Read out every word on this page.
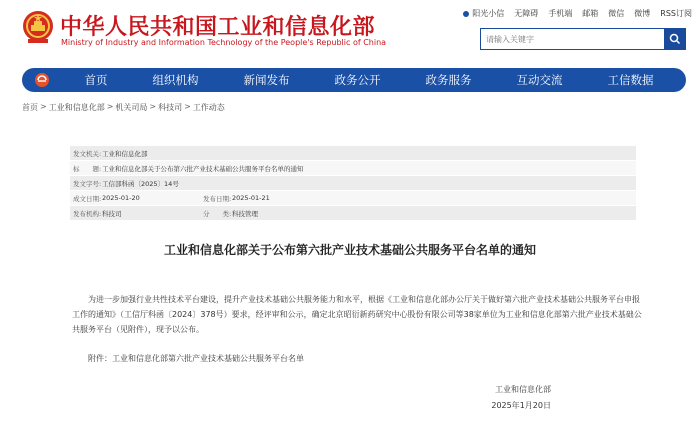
中华人民共和国工业和信息化部
Ministry of Industry and Information Technology of the People's Republic of China
阳光小信 无障碍 手机端 邮箱 微信 微博 RSS订阅
请输入关键字
首页	组织机构	新闻发布	政务公开	政务服务	互动交流	工信数据
首页 > 工业和信息化部 > 机关司局 > 科技司 > 工作动态
发文机关: 工业和信息化部
标　　题: 工业和信息化部关于公布第六批产业技术基础公共服务平台名单的通知
发文字号: 工信部科函〔2025〕14号
成文日期: 2025-01-20	发布日期: 2025-01-21
发布机构: 科技司	分　　类: 科技管理
工业和信息化部关于公布第六批产业技术基础公共服务平台名单的通知
为进一步加强行业共性技术平台建设，提升产业技术基础公共服务能力和水平，根据《工业和信息化部办公厅关于做好第六批产业技术基础公共服务平台申报工作的通知》（工信厅科函〔2024〕378号）要求，经评审和公示，确定北京昭衍新药研究中心股份有限公司等38家单位为工业和信息化部第六批产业技术基础公共服务平台（见附件），现予以公布。
附件：工业和信息化部第六批产业技术基础公共服务平台名单
工业和信息化部
2025年1月20日
